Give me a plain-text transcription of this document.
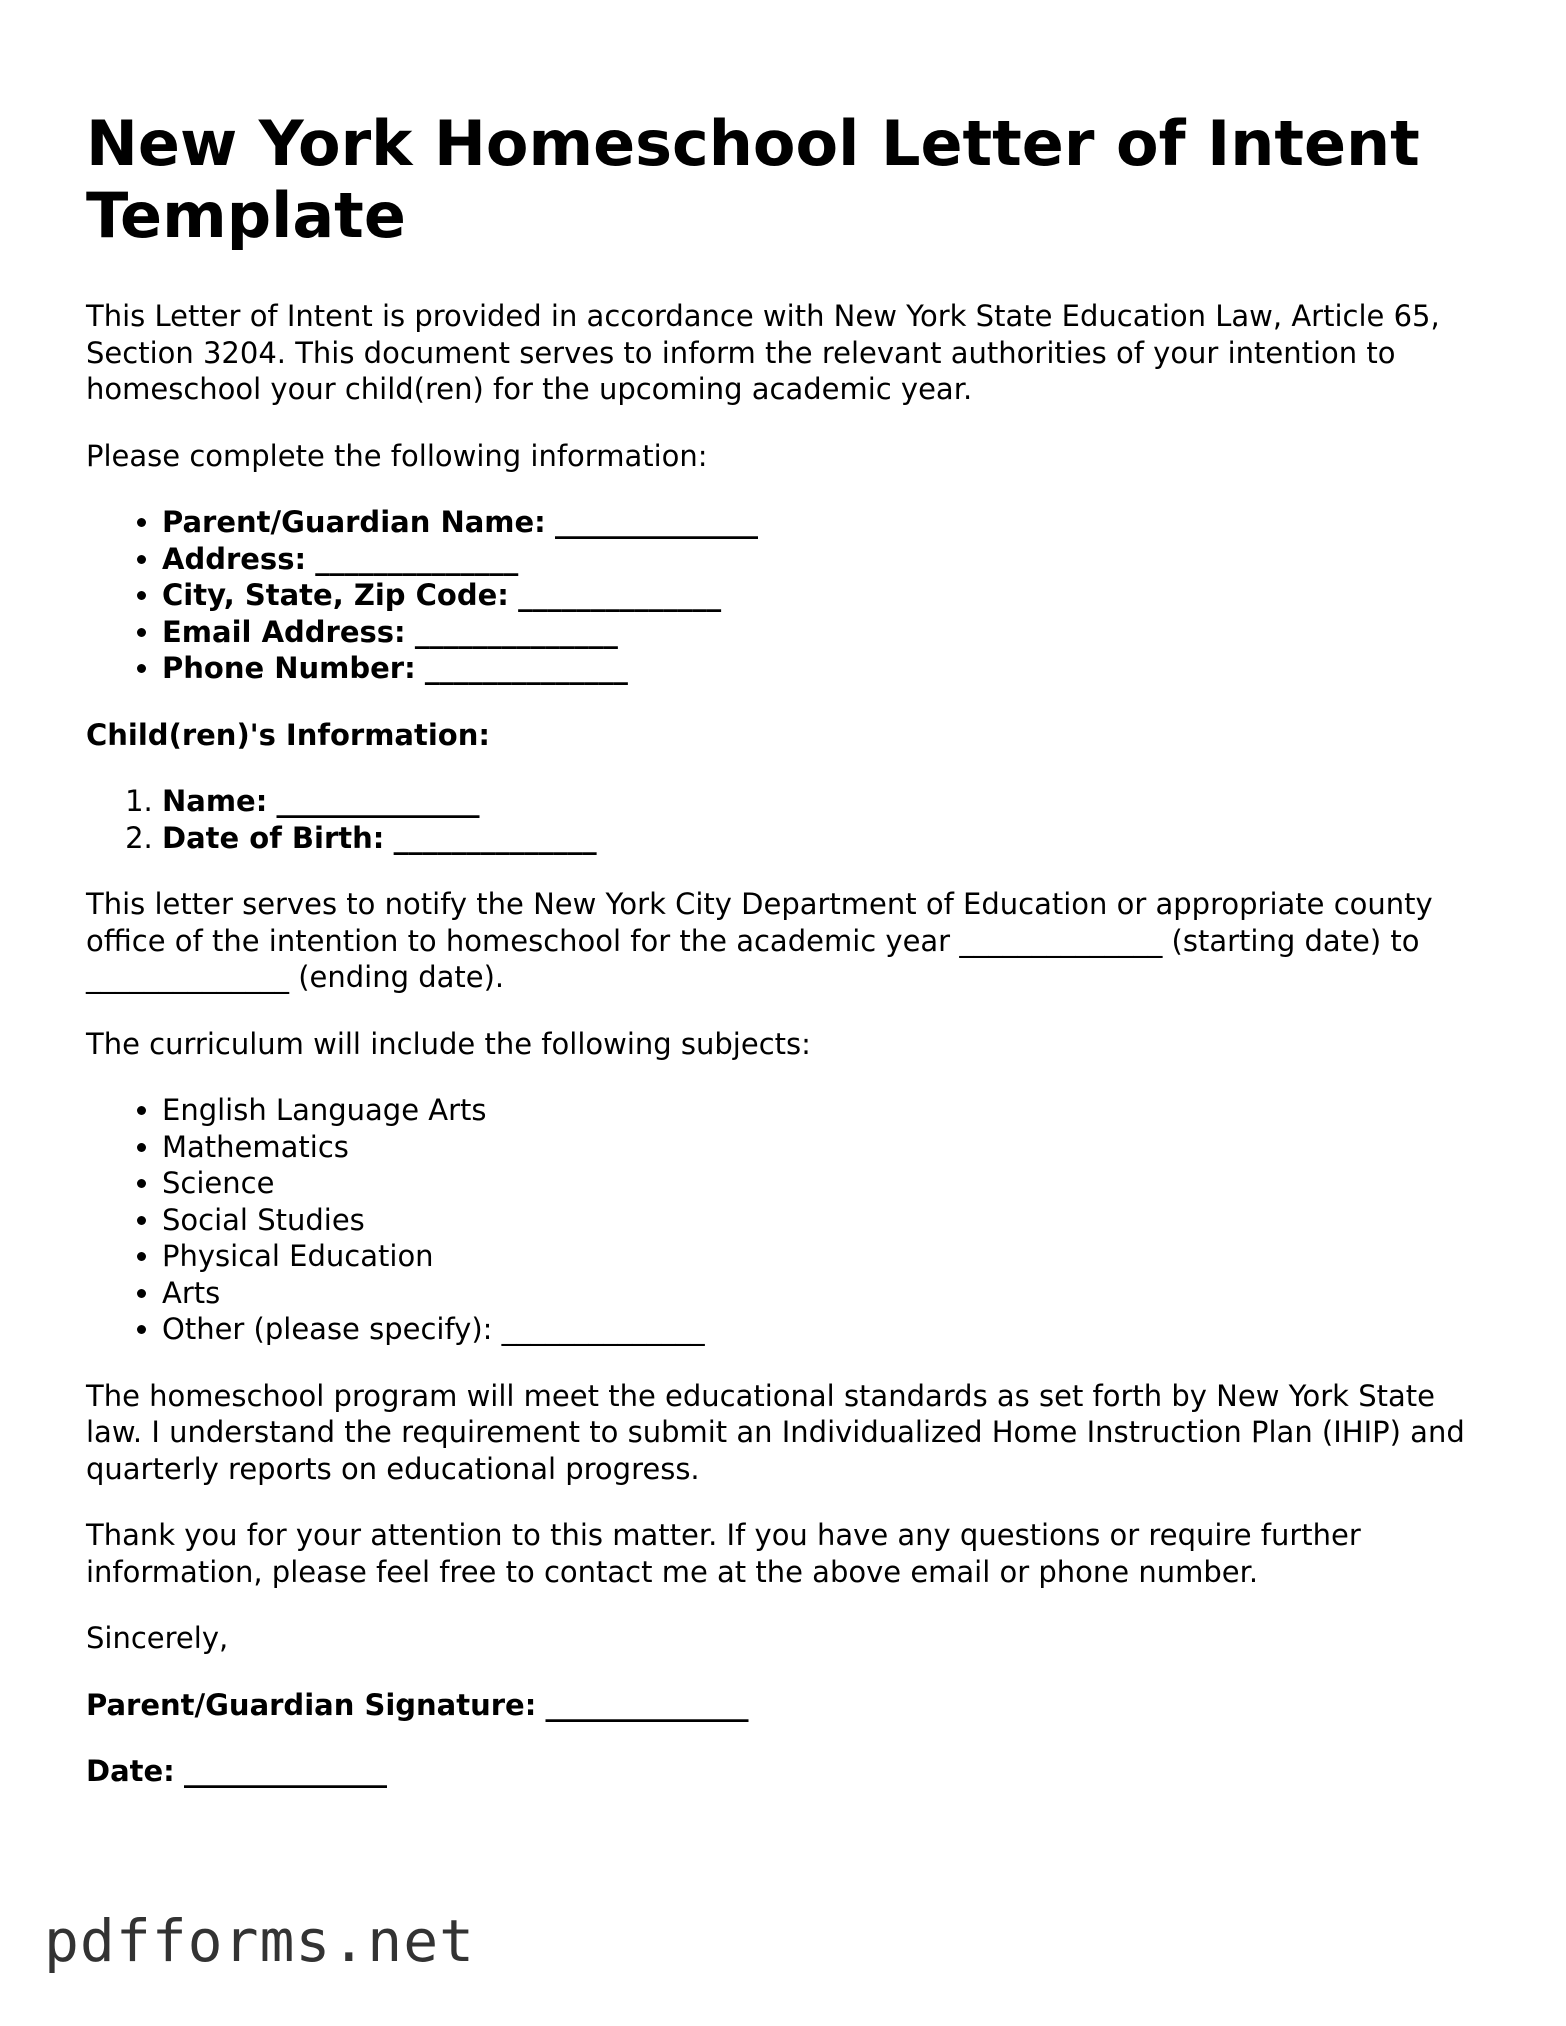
New York Homeschool Letter of Intent Template

This Letter of Intent is provided in accordance with New York State Education Law, Article 65, Section 3204. This document serves to inform the relevant authorities of your intention to homeschool your child(ren) for the upcoming academic year.

Please complete the following information:

• Parent/Guardian Name: ______________
• Address: ______________
• City, State, Zip Code: ______________
• Email Address: ______________
• Phone Number: ______________

Child(ren)'s Information:

1. Name: ______________
2. Date of Birth: ______________

This letter serves to notify the New York City Department of Education or appropriate county office of the intention to homeschool for the academic year ______________ (starting date) to ______________ (ending date).

The curriculum will include the following subjects:

• English Language Arts
• Mathematics
• Science
• Social Studies
• Physical Education
• Arts
• Other (please specify): ______________

The homeschool program will meet the educational standards as set forth by New York State law. I understand the requirement to submit an Individualized Home Instruction Plan (IHIP) and quarterly reports on educational progress.

Thank you for your attention to this matter. If you have any questions or require further information, please feel free to contact me at the above email or phone number.

Sincerely,

Parent/Guardian Signature: ______________

Date: ______________

pdfforms.net
